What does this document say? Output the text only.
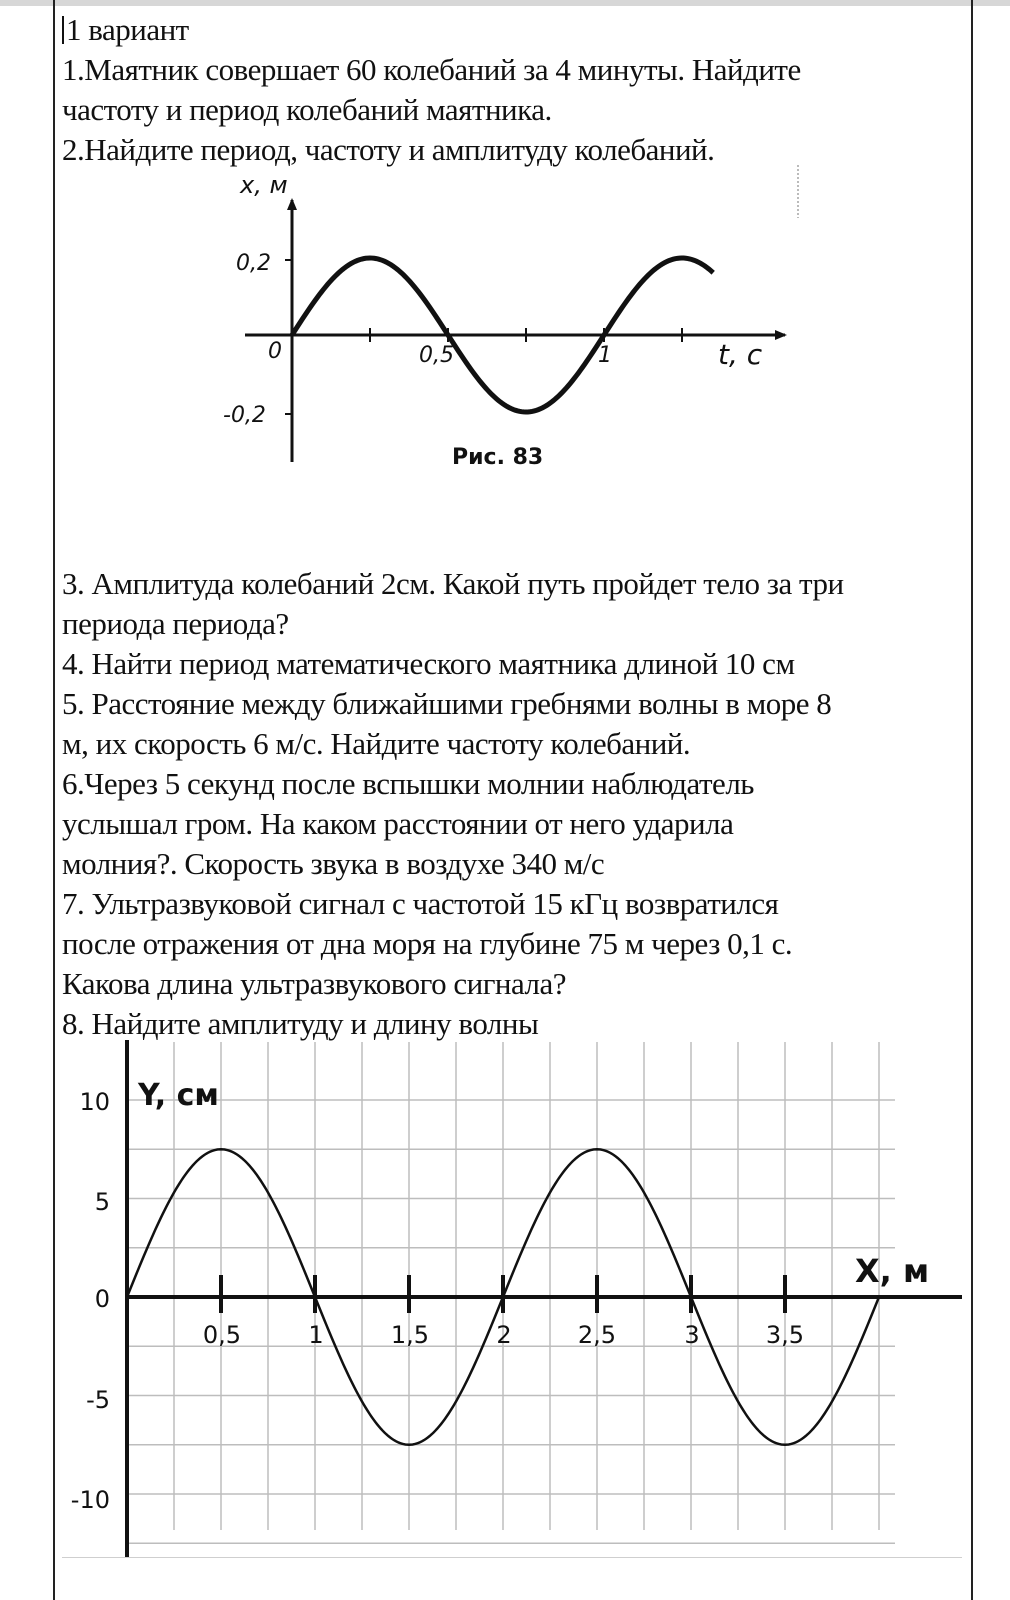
1 вариант
1.Маятник совершает 60 колебаний за 4 минуты. Найдите
частоту и период колебаний маятника.
2.Найдите период, частоту и амплитуду колебаний.
x, м
t, с
0,2
-0,2
0	0,5	1
Рис. 83
3. Амплитуда колебаний 2см. Какой путь пройдет тело за три
периода периода?
4. Найти период математического маятника длиной 10 см
5. Расстояние между ближайшими гребнями волны в море 8
м, их скорость 6 м/с. Найдите частоту колебаний.
6.Через 5 секунд после вспышки молнии наблюдатель
услышал гром. На каком расстоянии от него ударила
молния?. Скорость звука в воздухе 340 м/с
7. Ультразвуковой сигнал с частотой 15 кГц возвратился
после отражения от дна моря на глубине 75 м через 0,1 с.
Какова длина ультразвукового сигнала?
8. Найдите амплитуду и длину волны
Y, см
X, м
10
5
0
-5
-10
0,5	1	1,5	2	2,5	3	3,5
